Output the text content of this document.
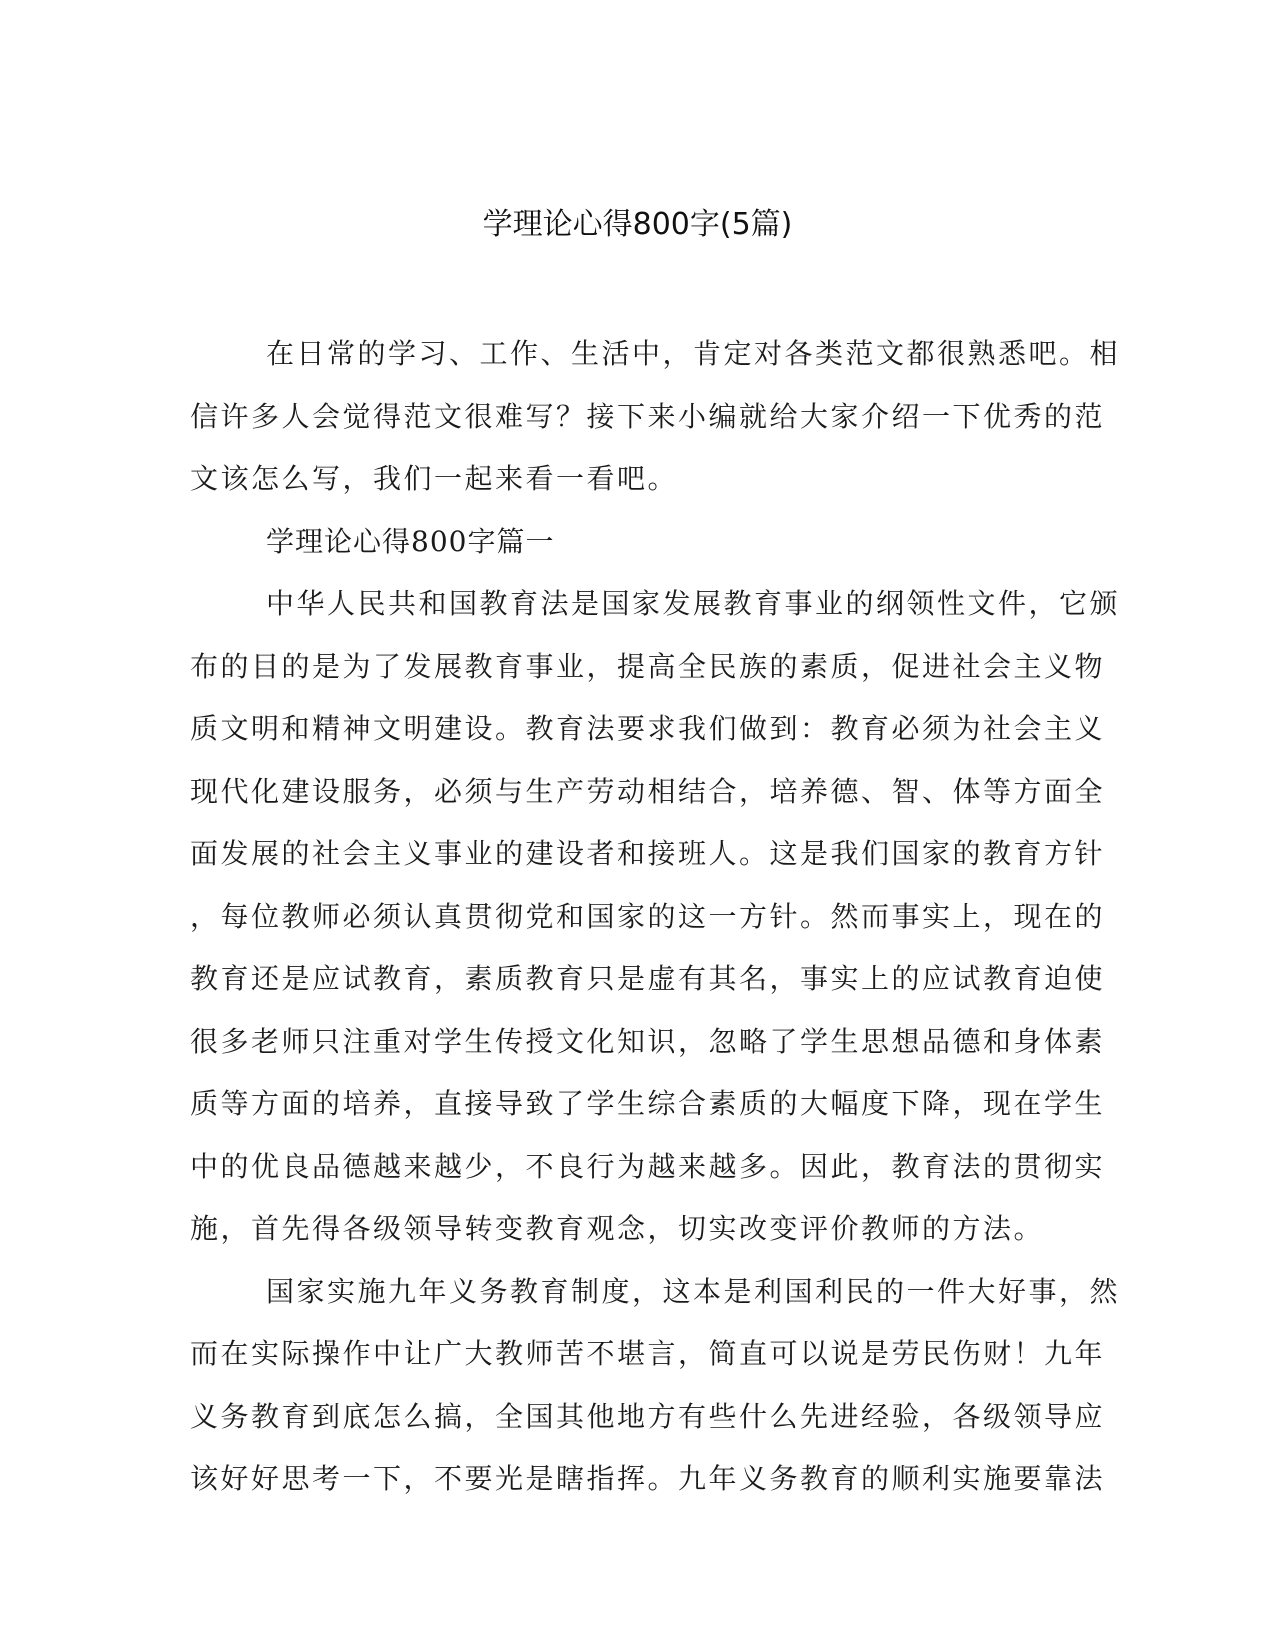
学理论心得800字(5篇)

在日常的学习、工作、生活中，肯定对各类范文都很熟悉吧。相
信许多人会觉得范文很难写？接下来小编就给大家介绍一下优秀的范
文该怎么写，我们一起来看一看吧。

学理论心得800字篇一

中华人民共和国教育法是国家发展教育事业的纲领性文件，它颁
布的目的是为了发展教育事业，提高全民族的素质，促进社会主义物
质文明和精神文明建设。教育法要求我们做到：教育必须为社会主义
现代化建设服务，必须与生产劳动相结合，培养德、智、体等方面全
面发展的社会主义事业的建设者和接班人。这是我们国家的教育方针
，每位教师必须认真贯彻党和国家的这一方针。然而事实上，现在的
教育还是应试教育，素质教育只是虚有其名，事实上的应试教育迫使
很多老师只注重对学生传授文化知识，忽略了学生思想品德和身体素
质等方面的培养，直接导致了学生综合素质的大幅度下降，现在学生
中的优良品德越来越少，不良行为越来越多。因此，教育法的贯彻实
施，首先得各级领导转变教育观念，切实改变评价教师的方法。

国家实施九年义务教育制度，这本是利国利民的一件大好事，然
而在实际操作中让广大教师苦不堪言，简直可以说是劳民伤财！九年
义务教育到底怎么搞，全国其他地方有些什么先进经验，各级领导应
该好好思考一下，不要光是瞎指挥。九年义务教育的顺利实施要靠法
